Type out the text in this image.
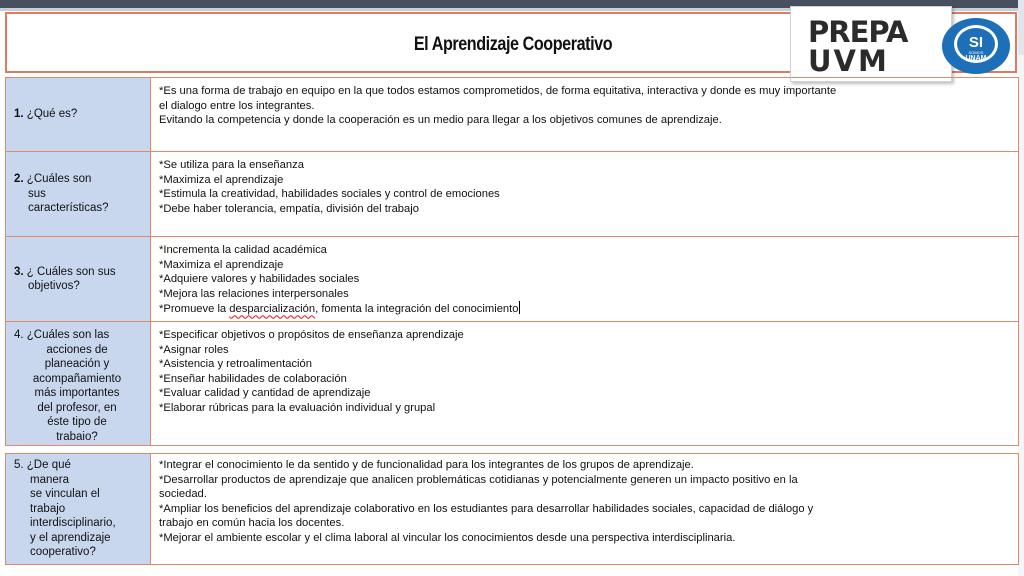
El Aprendizaje Cooperativo	PREPA
UVM
SI
SOMOS
UNAM
1. ¿Qué es?
*Es una forma de trabajo en equipo en la que todos estamos comprometidos, de forma equitativa, interactiva y donde es muy importante
el dialogo entre los integrantes.
Evitando la competencia y donde la cooperación es un medio para llegar a los objetivos comunes de aprendizaje.
2. ¿Cuáles son
sus
características?
*Se utiliza para la enseñanza
*Maximiza el aprendizaje
*Estimula la creatividad, habilidades sociales y control de emociones
*Debe haber tolerancia, empatía, división del trabajo
3. ¿ Cuáles son sus
objetivos?
*Incrementa la calidad académica
*Maximiza el aprendizaje
*Adquiere valores y habilidades sociales
*Mejora las relaciones interpersonales
*Promueve la desparcialización, fomenta la integración del conocimiento
4. ¿Cuáles son las
acciones de
planeación y
acompañamiento
más importantes
del profesor, en
éste tipo de
trabaio?
*Especificar objetivos o propósitos de enseñanza aprendizaje
*Asignar roles
*Asistencia y retroalimentación
*Enseñar habilidades de colaboración
*Evaluar calidad y cantidad de aprendizaje
*Elaborar rúbricas para la evaluación individual y grupal
5. ¿De qué
manera
se vinculan el
trabajo
interdisciplinario,
y el aprendizaje
cooperativo?
*Integrar el conocimiento le da sentido y de funcionalidad para los integrantes de los grupos de aprendizaje.
*Desarrollar productos de aprendizaje que analicen problemáticas cotidianas y potencialmente generen un impacto positivo en la
sociedad.
*Ampliar los beneficios del aprendizaje colaborativo en los estudiantes para desarrollar habilidades sociales, capacidad de diálogo y
trabajo en común hacia los docentes.
*Mejorar el ambiente escolar y el clima laboral al vincular los conocimientos desde una perspectiva interdisciplinaria.
